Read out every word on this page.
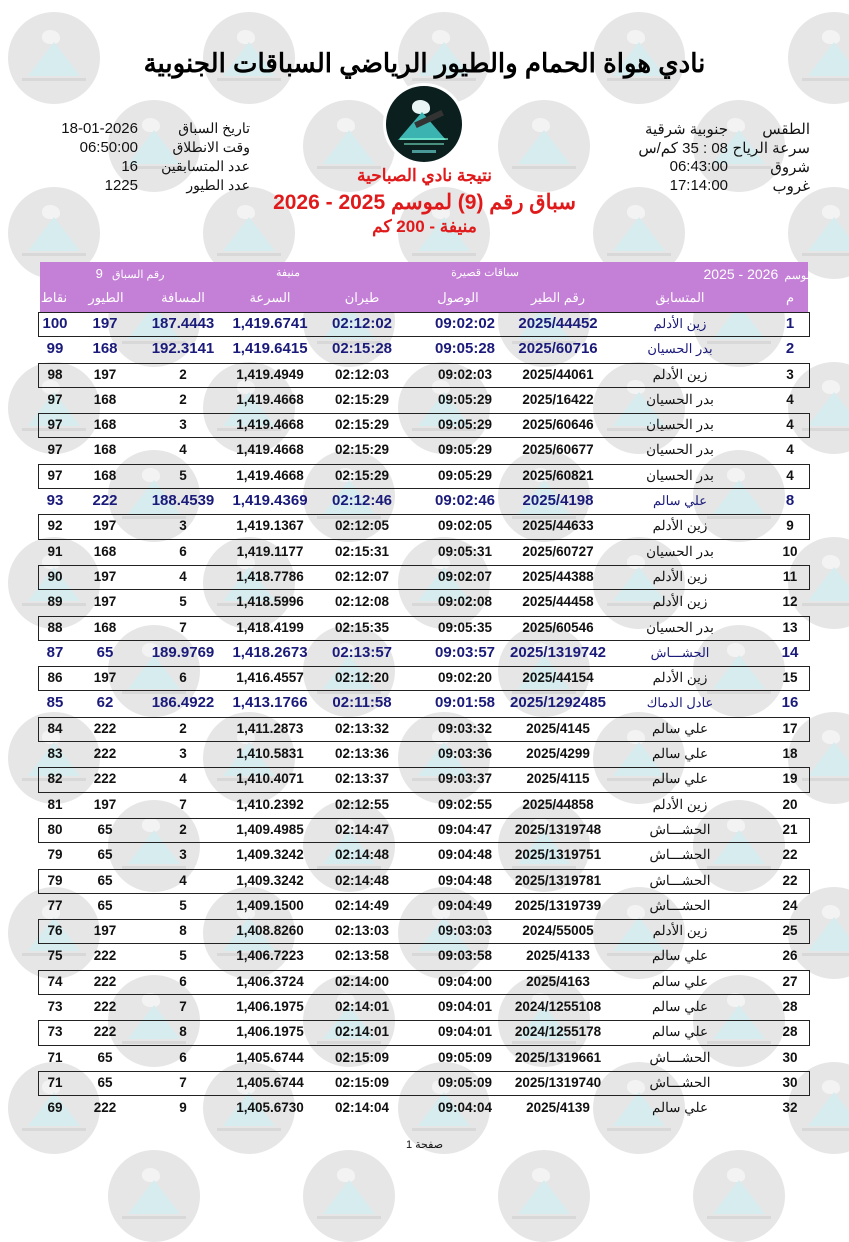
نادي هواة الحمام والطيور الرياضي السباقات الجنوبية
تاريخ السباق
18-01-2026
وقت الانطلاق
06:50:00
عدد المتسابقين
16
عدد الطيور
1225
الطقس
جنوبية شرقية
سرعة الرياح
08 : 35 كم/س
شروق
06:43:00
غروب
17:14:00
نتيجة نادي الصباحية
سباق رقم (9) لموسم 2025 - 2026
منيفة - 200 كم
موسم  2026 - 2025
سباقات قصيرة
منيفة
رقم السباق   9
م
المتسابق
رقم الطير
الوصول
طيران
السرعة
المسافة
الطيور
نقاط
1
زين الأدلم
2025/44452
09:02:02
02:12:02
1,419.6741
187.4443
197
100
2
بدر الحسيان
2025/60716
09:05:28
02:15:28
1,419.6415
192.3141
168
99
3
زين الأدلم
2025/44061
09:02:03
02:12:03
1,419.4949
2
197
98
4
بدر الحسيان
2025/16422
09:05:29
02:15:29
1,419.4668
2
168
97
4
بدر الحسيان
2025/60646
09:05:29
02:15:29
1,419.4668
3
168
97
4
بدر الحسيان
2025/60677
09:05:29
02:15:29
1,419.4668
4
168
97
4
بدر الحسيان
2025/60821
09:05:29
02:15:29
1,419.4668
5
168
97
8
علي سالم
2025/4198
09:02:46
02:12:46
1,419.4369
188.4539
222
93
9
زين الأدلم
2025/44633
09:02:05
02:12:05
1,419.1367
3
197
92
10
بدر الحسيان
2025/60727
09:05:31
02:15:31
1,419.1177
6
168
91
11
زين الأدلم
2025/44388
09:02:07
02:12:07
1,418.7786
4
197
90
12
زين الأدلم
2025/44458
09:02:08
02:12:08
1,418.5996
5
197
89
13
بدر الحسيان
2025/60546
09:05:35
02:15:35
1,418.4199
7
168
88
14
الحشـــاش
2025/1319742
09:03:57
02:13:57
1,418.2673
189.9769
65
87
15
زين الأدلم
2025/44154
09:02:20
02:12:20
1,416.4557
6
197
86
16
عادل الدماك
2025/1292485
09:01:58
02:11:58
1,413.1766
186.4922
62
85
17
علي سالم
2025/4145
09:03:32
02:13:32
1,411.2873
2
222
84
18
علي سالم
2025/4299
09:03:36
02:13:36
1,410.5831
3
222
83
19
علي سالم
2025/4115
09:03:37
02:13:37
1,410.4071
4
222
82
20
زين الأدلم
2025/44858
09:02:55
02:12:55
1,410.2392
7
197
81
21
الحشـــاش
2025/1319748
09:04:47
02:14:47
1,409.4985
2
65
80
22
الحشـــاش
2025/1319751
09:04:48
02:14:48
1,409.3242
3
65
79
22
الحشـــاش
2025/1319781
09:04:48
02:14:48
1,409.3242
4
65
79
24
الحشـــاش
2025/1319739
09:04:49
02:14:49
1,409.1500
5
65
77
25
زين الأدلم
2024/55005
09:03:03
02:13:03
1,408.8260
8
197
76
26
علي سالم
2025/4133
09:03:58
02:13:58
1,406.7223
5
222
75
27
علي سالم
2025/4163
09:04:00
02:14:00
1,406.3724
6
222
74
28
علي سالم
2024/1255108
09:04:01
02:14:01
1,406.1975
7
222
73
28
علي سالم
2024/1255178
09:04:01
02:14:01
1,406.1975
8
222
73
30
الحشـــاش
2025/1319661
09:05:09
02:15:09
1,405.6744
6
65
71
30
الحشـــاش
2025/1319740
09:05:09
02:15:09
1,405.6744
7
65
71
32
علي سالم
2025/4139
09:04:04
02:14:04
1,405.6730
9
222
69
صفحة 1
